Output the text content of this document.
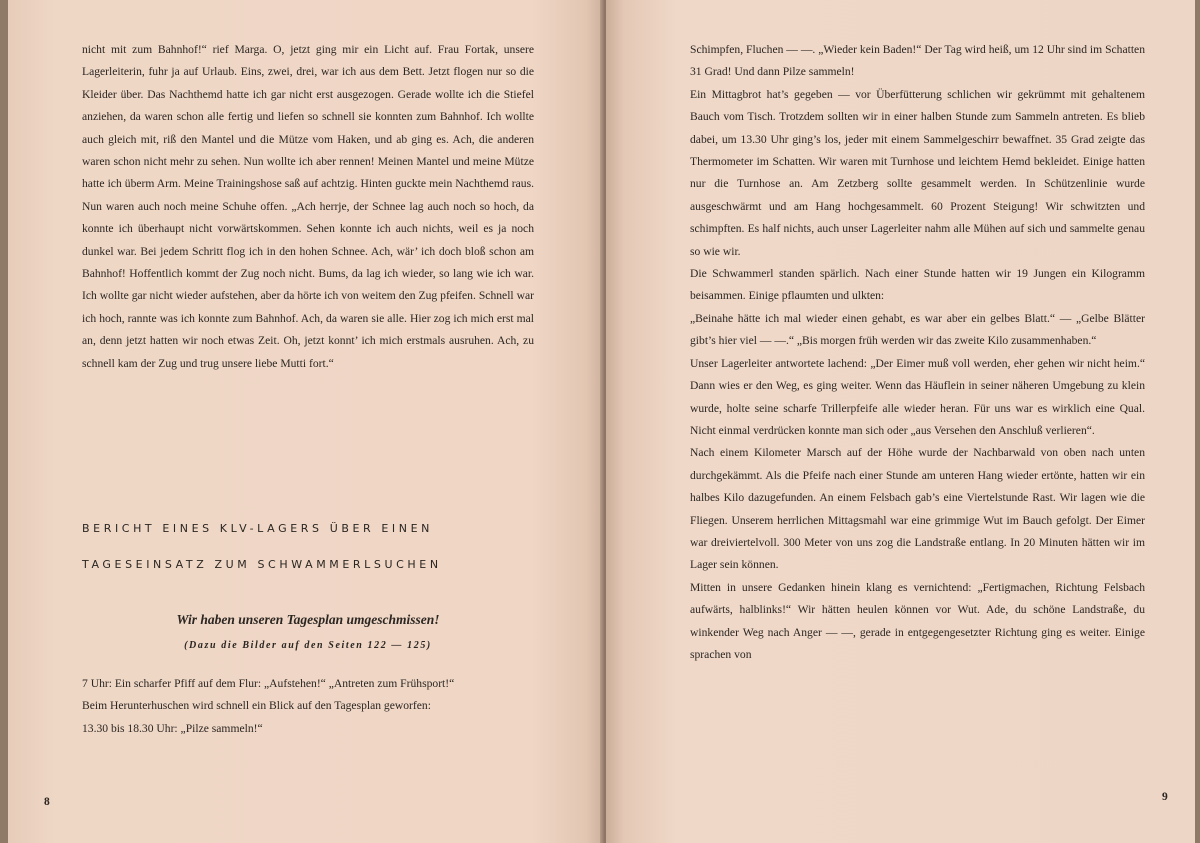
nicht mit zum Bahnhof!“ rief Marga. O, jetzt ging mir ein Licht auf. Frau Fortak, unsere Lagerleiterin, fuhr ja auf Urlaub. Eins, zwei, drei, war ich aus dem Bett. Jetzt flogen nur so die Kleider über. Das Nachthemd hatte ich gar nicht erst ausgezogen. Gerade wollte ich die Stiefel anziehen, da waren schon alle fertig und liefen so schnell sie konnten zum Bahnhof. Ich wollte auch gleich mit, riß den Mantel und die Mütze vom Haken, und ab ging es. Ach, die anderen waren schon nicht mehr zu sehen. Nun wollte ich aber rennen! Meinen Mantel und meine Mütze hatte ich überm Arm. Meine Trainingshose saß auf achtzig. Hinten guckte mein Nachthemd raus. Nun waren auch noch meine Schuhe offen. „Ach herrje, der Schnee lag auch noch so hoch, da konnte ich überhaupt nicht vorwärtskommen. Sehen konnte ich auch nichts, weil es ja noch dunkel war. Bei jedem Schritt flog ich in den hohen Schnee. Ach, wär’ ich doch bloß schon am Bahnhof! Hoffentlich kommt der Zug noch nicht. Bums, da lag ich wieder, so lang wie ich war. Ich wollte gar nicht wieder aufstehen, aber da hörte ich von weitem den Zug pfeifen. Schnell war ich hoch, rannte was ich konnte zum Bahnhof. Ach, da waren sie alle. Hier zog ich mich erst mal an, denn jetzt hatten wir noch etwas Zeit. Oh, jetzt konnt’ ich mich erstmals ausruhen. Ach, zu schnell kam der Zug und trug unsere liebe Mutti fort.“

BERICHT EINES KLV-LAGERS ÜBER EINEN
TAGESEINSATZ ZUM SCHWAMMERLSUCHEN
Wir haben unseren Tagesplan umgeschmissen!
(Dazu die Bilder auf den Seiten 122 — 125)

7 Uhr: Ein scharfer Pfiff auf dem Flur: „Aufstehen!“ „Antreten zum Frühsport!“

Beim Herunterhuschen wird schnell ein Blick auf den Tagesplan geworfen:

13.30 bis 18.30 Uhr: „Pilze sammeln!“

8

Schimpfen, Fluchen — —. „Wieder kein Baden!“ Der Tag wird heiß, um 12 Uhr sind im Schatten 31 Grad! Und dann Pilze sammeln!

Ein Mittagbrot hat’s gegeben — vor Überfütterung schlichen wir gekrümmt mit gehaltenem Bauch vom Tisch. Trotzdem sollten wir in einer halben Stunde zum Sammeln antreten. Es blieb dabei, um 13.30 Uhr ging’s los, jeder mit einem Sammelgeschirr bewaffnet. 35 Grad zeigte das Thermometer im Schatten. Wir waren mit Turnhose und leichtem Hemd bekleidet. Einige hatten nur die Turnhose an. Am Zetzberg sollte gesammelt werden. In Schützenlinie wurde ausgeschwärmt und am Hang hochgesammelt. 60 Prozent Steigung! Wir schwitzten und schimpften. Es half nichts, auch unser Lagerleiter nahm alle Mühen auf sich und sammelte genau so wie wir.

Die Schwammerl standen spärlich. Nach einer Stunde hatten wir 19 Jungen ein Kilogramm beisammen. Einige pflaumten und ulkten:

„Beinahe hätte ich mal wieder einen gehabt, es war aber ein gelbes Blatt.“ — „Gelbe Blätter gibt’s hier viel — —.“ „Bis morgen früh werden wir das zweite Kilo zusammenhaben.“

Unser Lagerleiter antwortete lachend: „Der Eimer muß voll werden, eher gehen wir nicht heim.“ Dann wies er den Weg, es ging weiter. Wenn das Häuflein in seiner näheren Umgebung zu klein wurde, holte seine scharfe Trillerpfeife alle wieder heran. Für uns war es wirklich eine Qual. Nicht einmal verdrücken konnte man sich oder „aus Versehen den Anschluß verlieren“.

Nach einem Kilometer Marsch auf der Höhe wurde der Nachbarwald von oben nach unten durchgekämmt. Als die Pfeife nach einer Stunde am unteren Hang wieder ertönte, hatten wir ein halbes Kilo dazugefunden. An einem Felsbach gab’s eine Viertelstunde Rast. Wir lagen wie die Fliegen. Unserem herrlichen Mittagsmahl war eine grimmige Wut im Bauch gefolgt. Der Eimer war dreiviertelvoll. 300 Meter von uns zog die Landstraße entlang. In 20 Minuten hätten wir im Lager sein können.

Mitten in unsere Gedanken hinein klang es vernichtend: „Fertigmachen, Richtung Felsbach aufwärts, halblinks!“ Wir hätten heulen können vor Wut. Ade, du schöne Landstraße, du winkender Weg nach Anger — —, gerade in entgegengesetzter Richtung ging es weiter. Einige sprachen von

9
